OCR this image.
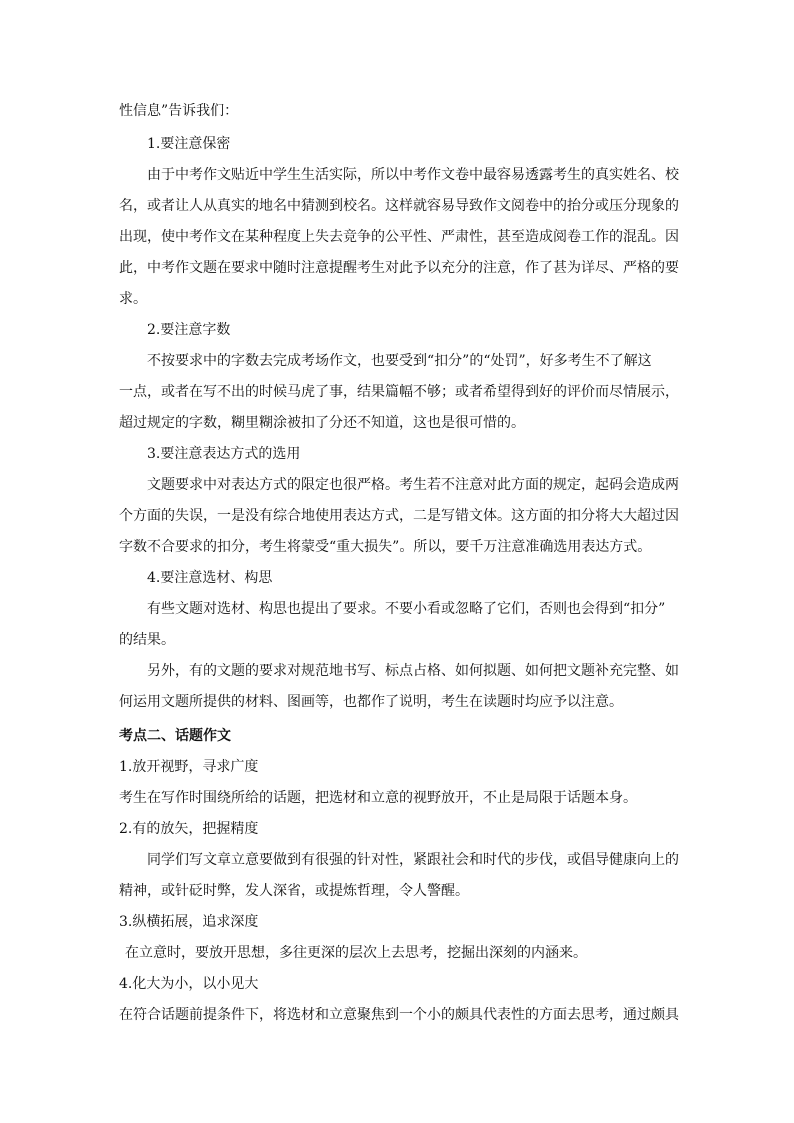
性信息”告诉我们：
1.要注意保密
由于中考作文贴近中学生生活实际，所以中考作文卷中最容易透露考生的真实姓名、校
名，或者让人从真实的地名中猜测到校名。这样就容易导致作文阅卷中的抬分或压分现象的
出现，使中考作文在某种程度上失去竞争的公平性、严肃性，甚至造成阅卷工作的混乱。因
此，中考作文题在要求中随时注意提醒考生对此予以充分的注意，作了甚为详尽、严格的要
求。
2.要注意字数
不按要求中的字数去完成考场作文，也要受到“扣分”的“处罚”，好多考生不了解这
一点，或者在写不出的时候马虎了事，结果篇幅不够；或者希望得到好的评价而尽情展示，
超过规定的字数，糊里糊涂被扣了分还不知道，这也是很可惜的。
3.要注意表达方式的选用
文题要求中对表达方式的限定也很严格。考生若不注意对此方面的规定，起码会造成两
个方面的失误，一是没有综合地使用表达方式，二是写错文体。这方面的扣分将大大超过因
字数不合要求的扣分，考生将蒙受“重大损失”。所以，要千万注意准确选用表达方式。
4.要注意选材、构思
有些文题对选材、构思也提出了要求。不要小看或忽略了它们，否则也会得到“扣分”
的结果。
另外，有的文题的要求对规范地书写、标点占格、如何拟题、如何把文题补充完整、如
何运用文题所提供的材料、图画等，也都作了说明，考生在读题时均应予以注意。
考点二、话题作文
1.放开视野，寻求广度
考生在写作时围绕所给的话题，把选材和立意的视野放开，不止是局限于话题本身。
2.有的放矢，把握精度
同学们写文章立意要做到有很强的针对性，紧跟社会和时代的步伐，或倡导健康向上的
精神，或针砭时弊，发人深省，或提炼哲理，令人警醒。
3.纵横拓展，追求深度
在立意时，要放开思想，多往更深的层次上去思考，挖掘出深刻的内涵来。
4.化大为小，以小见大
在符合话题前提条件下，将选材和立意聚焦到一个小的颇具代表性的方面去思考，通过颇具
